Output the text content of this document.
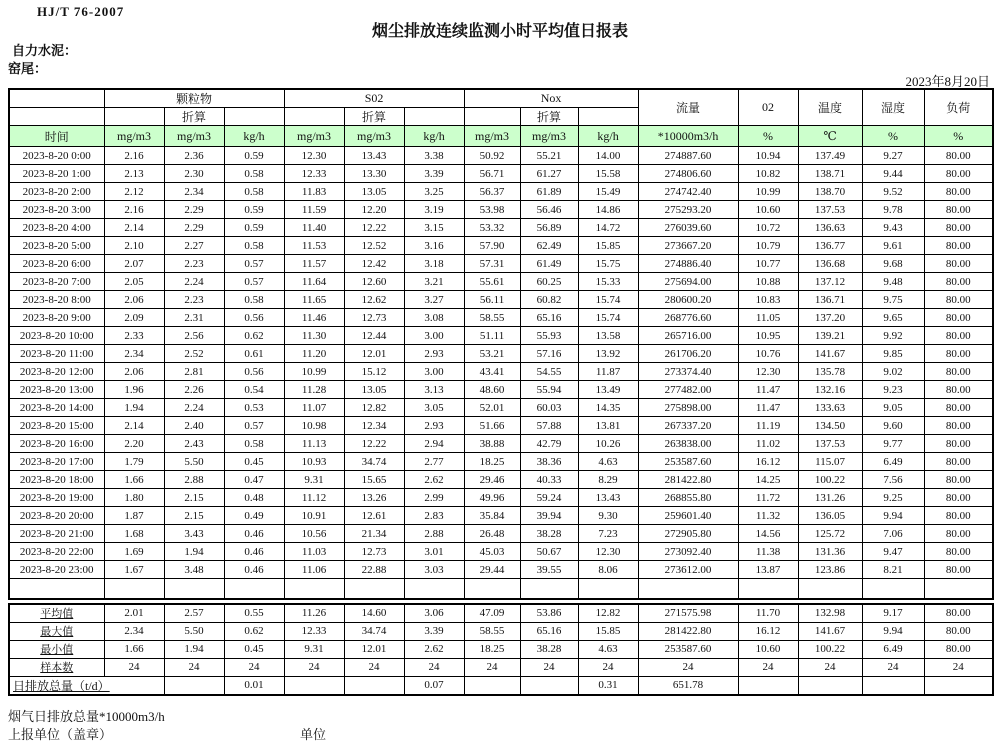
HJ/T 76-2007
烟尘排放连续监测小时平均值日报表
自力水泥：
窑尾：
2023年8月20日
	颗粒物			S02			Nox			流量	02	温度	湿度	负荷
		折算			折算			折算						
时间	mg/m3	mg/m3	kg/h	mg/m3	mg/m3	kg/h	mg/m3	mg/m3	kg/h	*10000m3/h	%	℃	%	%
2023-8-20 0:00	2.16	2.36	0.59	12.30	13.43	3.38	50.92	55.21	14.00	274887.60	10.94	137.49	9.27	80.00
2023-8-20 1:00	2.13	2.30	0.58	12.33	13.30	3.39	56.71	61.27	15.58	274806.60	10.82	138.71	9.44	80.00
2023-8-20 2:00	2.12	2.34	0.58	11.83	13.05	3.25	56.37	61.89	15.49	274742.40	10.99	138.70	9.52	80.00
2023-8-20 3:00	2.16	2.29	0.59	11.59	12.20	3.19	53.98	56.46	14.86	275293.20	10.60	137.53	9.78	80.00
2023-8-20 4:00	2.14	2.29	0.59	11.40	12.22	3.15	53.32	56.89	14.72	276039.60	10.72	136.63	9.43	80.00
2023-8-20 5:00	2.10	2.27	0.58	11.53	12.52	3.16	57.90	62.49	15.85	273667.20	10.79	136.77	9.61	80.00
2023-8-20 6:00	2.07	2.23	0.57	11.57	12.42	3.18	57.31	61.49	15.75	274886.40	10.77	136.68	9.68	80.00
2023-8-20 7:00	2.05	2.24	0.57	11.64	12.60	3.21	55.61	60.25	15.33	275694.00	10.88	137.12	9.48	80.00
2023-8-20 8:00	2.06	2.23	0.58	11.65	12.62	3.27	56.11	60.82	15.74	280600.20	10.83	136.71	9.75	80.00
2023-8-20 9:00	2.09	2.31	0.56	11.46	12.73	3.08	58.55	65.16	15.74	268776.60	11.05	137.20	9.65	80.00
2023-8-20 10:00	2.33	2.56	0.62	11.30	12.44	3.00	51.11	55.93	13.58	265716.00	10.95	139.21	9.92	80.00
2023-8-20 11:00	2.34	2.52	0.61	11.20	12.01	2.93	53.21	57.16	13.92	261706.20	10.76	141.67	9.85	80.00
2023-8-20 12:00	2.06	2.81	0.56	10.99	15.12	3.00	43.41	54.55	11.87	273374.40	12.30	135.78	9.02	80.00
2023-8-20 13:00	1.96	2.26	0.54	11.28	13.05	3.13	48.60	55.94	13.49	277482.00	11.47	132.16	9.23	80.00
2023-8-20 14:00	1.94	2.24	0.53	11.07	12.82	3.05	52.01	60.03	14.35	275898.00	11.47	133.63	9.05	80.00
2023-8-20 15:00	2.14	2.40	0.57	10.98	12.34	2.93	51.66	57.88	13.81	267337.20	11.19	134.50	9.60	80.00
2023-8-20 16:00	2.20	2.43	0.58	11.13	12.22	2.94	38.88	42.79	10.26	263838.00	11.02	137.53	9.77	80.00
2023-8-20 17:00	1.79	5.50	0.45	10.93	34.74	2.77	18.25	38.36	4.63	253587.60	16.12	115.07	6.49	80.00
2023-8-20 18:00	1.66	2.88	0.47	9.31	15.65	2.62	29.46	40.33	8.29	281422.80	14.25	100.22	7.56	80.00
2023-8-20 19:00	1.80	2.15	0.48	11.12	13.26	2.99	49.96	59.24	13.43	268855.80	11.72	131.26	9.25	80.00
2023-8-20 20:00	1.87	2.15	0.49	10.91	12.61	2.83	35.84	39.94	9.30	259601.40	11.32	136.05	9.94	80.00
2023-8-20 21:00	1.68	3.43	0.46	10.56	21.34	2.88	26.48	38.28	7.23	272905.80	14.56	125.72	7.06	80.00
2023-8-20 22:00	1.69	1.94	0.46	11.03	12.73	3.01	45.03	50.67	12.30	273092.40	11.38	131.36	9.47	80.00
2023-8-20 23:00	1.67	3.48	0.46	11.06	22.88	3.03	29.44	39.55	8.06	273612.00	13.87	123.86	8.21	80.00

平均值	2.01	2.57	0.55	11.26	14.60	3.06	47.09	53.86	12.82	271575.98	11.70	132.98	9.17	80.00
最大值	2.34	5.50	0.62	12.33	34.74	3.39	58.55	65.16	15.85	281422.80	16.12	141.67	9.94	80.00
最小值	1.66	1.94	0.45	9.31	12.01	2.62	18.25	38.28	4.63	253587.60	10.60	100.22	6.49	80.00
样本数	24	24	24	24	24	24	24	24	24	24	24	24	24	24
日排放总量（t/d）			0.01			0.07			0.31	651.78				
烟气日排放总量*10000m3/h
上报单位（盖章）	单位
